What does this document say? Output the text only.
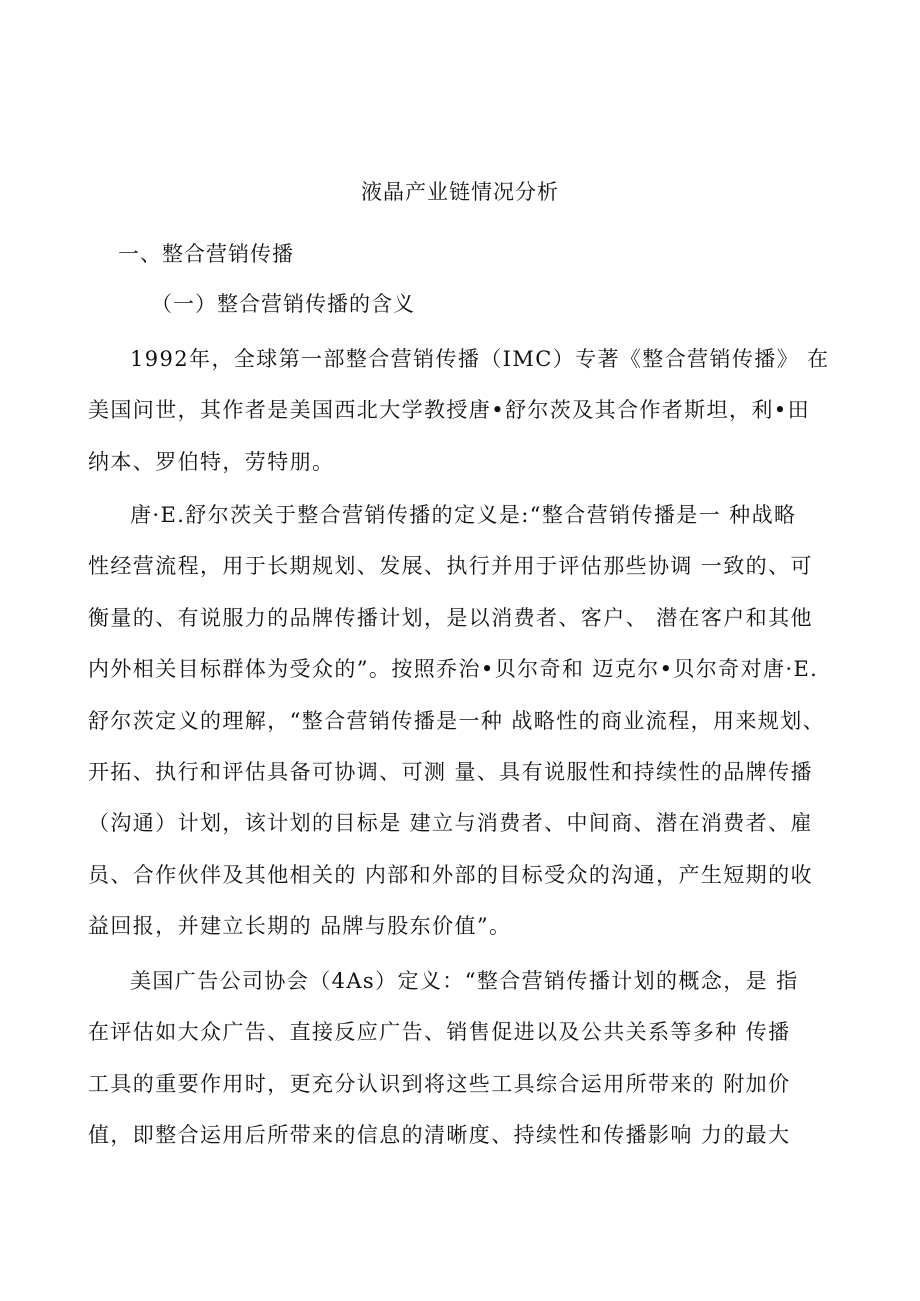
液晶产业链情况分析
一、整合营销传播
（一）整合营销传播的含义

1992年，全球第一部整合营销传播（IMC）专著《整合营销传播》 在
美国问世，其作者是美国西北大学教授唐•舒尔茨及其合作者斯坦，利•田
纳本、罗伯特，劳特朋。

唐·E.舒尔茨关于整合营销传播的定义是:“整合营销传播是一 种战略
性经营流程，用于长期规划、发展、执行并用于评估那些协调 一致的、可
衡量的、有说服力的品牌传播计划，是以消费者、客户、 潜在客户和其他
内外相关目标群体为受众的”。按照乔治•贝尔奇和 迈克尔•贝尔奇对唐·E.
舒尔茨定义的理解，“整合营销传播是一种 战略性的商业流程，用来规划、
开拓、执行和评估具备可协调、可测 量、具有说服性和持续性的品牌传播
（沟通）计划，该计划的目标是 建立与消费者、中间商、潜在消费者、雇
员、合作伙伴及其他相关的 内部和外部的目标受众的沟通，产生短期的收
益回报，并建立长期的 品牌与股东价值”。

美国广告公司协会（4As）定义：“整合营销传播计划的概念，是 指
在评估如大众广告、直接反应广告、销售促进以及公共关系等多种 传播
工具的重要作用时，更充分认识到将这些工具综合运用所带来的 附加价
值，即整合运用后所带来的信息的清晰度、持续性和传播影响 力的最大
